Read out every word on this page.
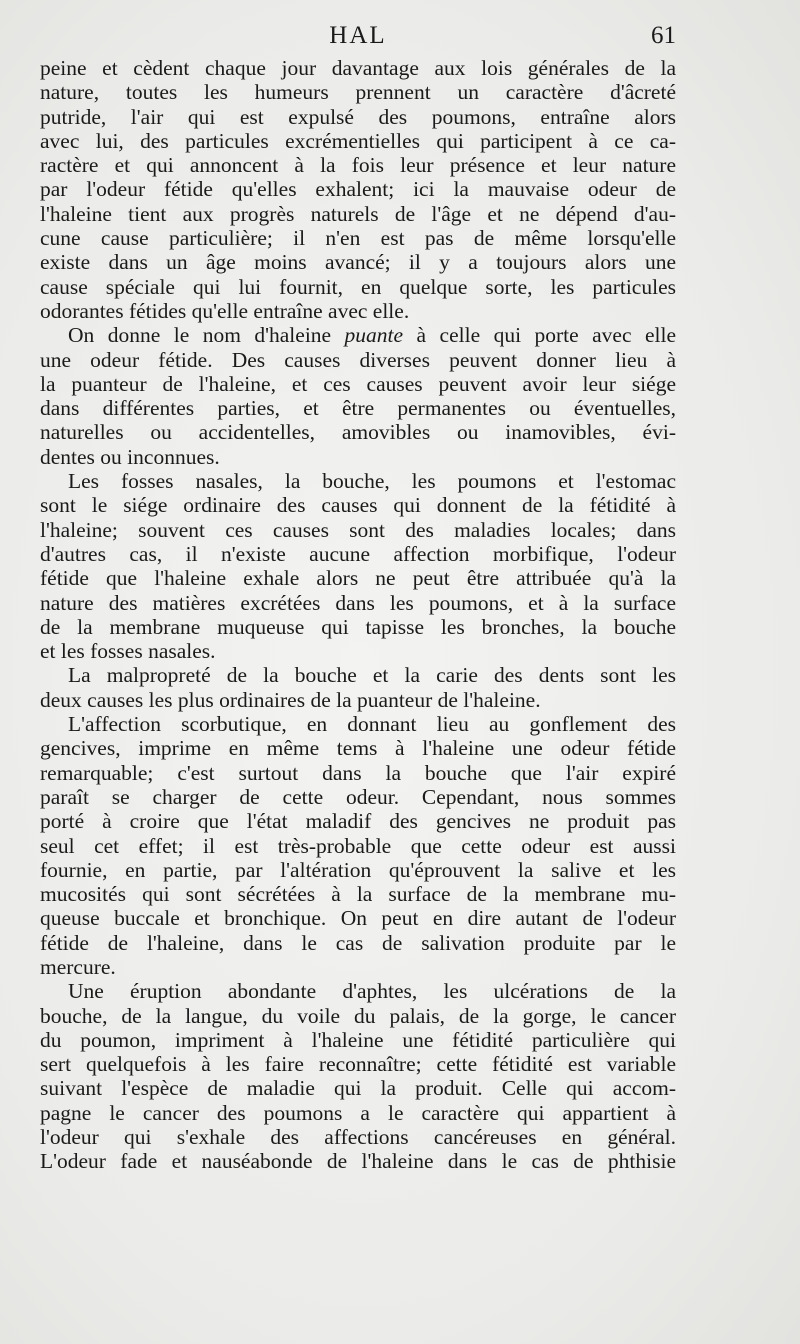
HAL	61
peine et cèdent chaque jour davantage aux lois générales de la
nature, toutes les humeurs prennent un caractère d'âcreté
putride, l'air qui est expulsé des poumons, entraîne alors
avec lui, des particules excrémentielles qui participent à ce ca-
ractère et qui annoncent à la fois leur présence et leur nature
par l'odeur fétide qu'elles exhalent; ici la mauvaise odeur de
l'haleine tient aux progrès naturels de l'âge et ne dépend d'au-
cune cause particulière; il n'en est pas de même lorsqu'elle
existe dans un âge moins avancé; il y a toujours alors une
cause spéciale qui lui fournit, en quelque sorte, les particules
odorantes fétides qu'elle entraîne avec elle.
On donne le nom d'haleine puante à celle qui porte avec elle
une odeur fétide. Des causes diverses peuvent donner lieu à
la puanteur de l'haleine, et ces causes peuvent avoir leur siége
dans différentes parties, et être permanentes ou éventuelles,
naturelles ou accidentelles, amovibles ou inamovibles, évi-
dentes ou inconnues.
Les fosses nasales, la bouche, les poumons et l'estomac
sont le siége ordinaire des causes qui donnent de la fétidité à
l'haleine; souvent ces causes sont des maladies locales; dans
d'autres cas, il n'existe aucune affection morbifique, l'odeur
fétide que l'haleine exhale alors ne peut être attribuée qu'à la
nature des matières excrétées dans les poumons, et à la surface
de la membrane muqueuse qui tapisse les bronches, la bouche
et les fosses nasales.
La malpropreté de la bouche et la carie des dents sont les
deux causes les plus ordinaires de la puanteur de l'haleine.
L'affection scorbutique, en donnant lieu au gonflement des
gencives, imprime en même tems à l'haleine une odeur fétide
remarquable; c'est surtout dans la bouche que l'air expiré
paraît se charger de cette odeur. Cependant, nous sommes
porté à croire que l'état maladif des gencives ne produit pas
seul cet effet; il est très-probable que cette odeur est aussi
fournie, en partie, par l'altération qu'éprouvent la salive et les
mucosités qui sont sécrétées à la surface de la membrane mu-
queuse buccale et bronchique. On peut en dire autant de l'odeur
fétide de l'haleine, dans le cas de salivation produite par le
mercure.
Une éruption abondante d'aphtes, les ulcérations de la
bouche, de la langue, du voile du palais, de la gorge, le cancer
du poumon, impriment à l'haleine une fétidité particulière qui
sert quelquefois à les faire reconnaître; cette fétidité est variable
suivant l'espèce de maladie qui la produit. Celle qui accom-
pagne le cancer des poumons a le caractère qui appartient à
l'odeur qui s'exhale des affections cancéreuses en général.
L'odeur fade et nauséabonde de l'haleine dans le cas de phthisie
